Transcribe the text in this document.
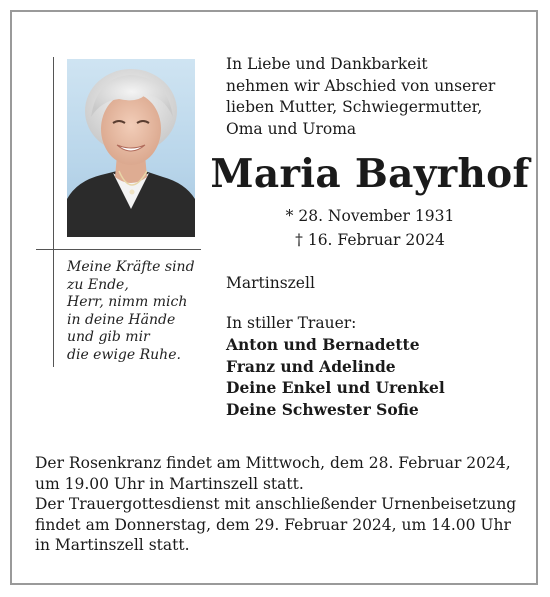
Meine Kräfte sind
zu Ende,
Herr, nimm mich
in deine Hände
und gib mir
die ewige Ruhe.
In Liebe und Dankbarkeit
nehmen wir Abschied von unserer
lieben Mutter, Schwiegermutter,
Oma und Uroma
Maria Bayrhof
* 28. November 1931
† 16. Februar 2024
Martinszell
In stiller Trauer:
Anton und Bernadette
Franz und Adelinde
Deine Enkel und Urenkel
Deine Schwester Sofie
Der Rosenkranz findet am Mittwoch, dem 28. Februar 2024,
um 19.00 Uhr in Martinszell statt.
Der Trauergottesdienst mit anschließender Urnenbeisetzung
findet am Donnerstag, dem 29. Februar 2024, um 14.00 Uhr
in Martinszell statt.
